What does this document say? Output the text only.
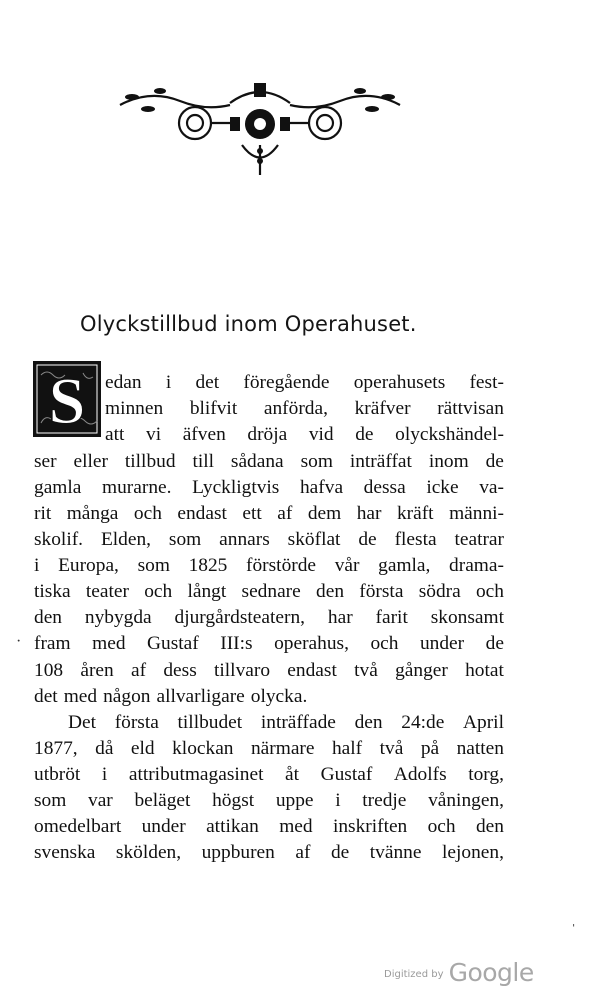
Olyckstillbud inom Operahuset.
S edan i det föregående operahusets fest-
minnen blifvit anförda, kräfver rättvisan
att vi äfven dröja vid de olyckshändel-
ser eller tillbud till sådana som inträffat inom de
gamla murarne. Lyckligtvis hafva dessa icke va-
rit många och endast ett af dem har kräft männi-
skolif. Elden, som annars sköflat de flesta teatrar
i Europa, som 1825 förstörde vår gamla, drama-
tiska teater och långt sednare den första södra och
den nybygda djurgårdsteatern, har farit skonsamt
fram med Gustaf III:s operahus, och under de
108 åren af dess tillvaro endast två gånger hotat
det med någon allvarligare olycka.
Det första tillbudet inträffade den 24:de April
1877, då eld klockan närmare half två på natten
utbröt i attributmagasinet åt Gustaf Adolfs torg,
som var beläget högst uppe i tredje våningen,
omedelbart under attikan med inskriften och den
svenska skölden, uppburen af de tvänne lejonen,
·
ˌ
$^{Digitized by}$ Google
